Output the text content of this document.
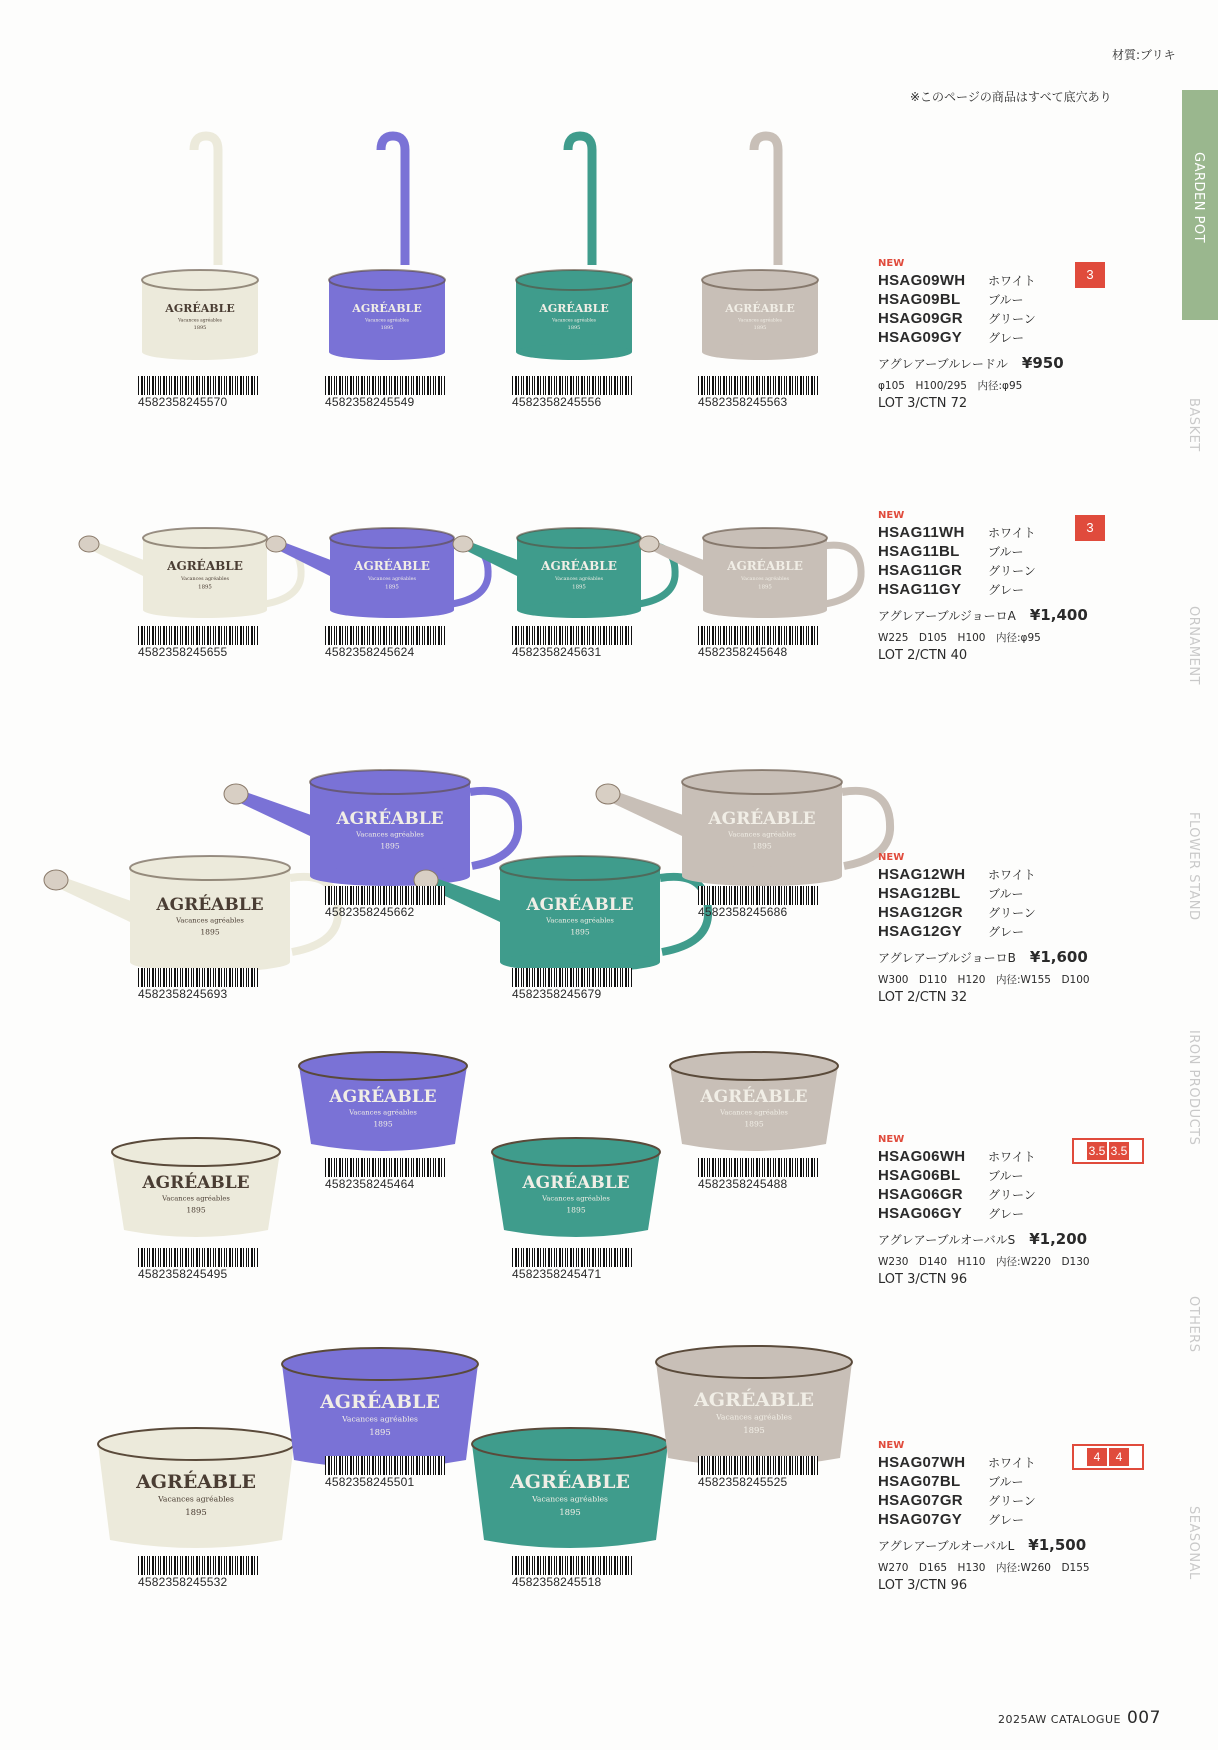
材質:ブリキ
※このページの商品はすべて底穴あり
GARDEN POT
BASKET
ORNAMENT
FLOWER STAND
IRON PRODUCTS
OTHERS
SEASONAL
AGRÉABLE
Vacances agréables
1895
AGRÉABLE
Vacances agréables
1895
AGRÉABLE
Vacances agréables
1895
AGRÉABLE
Vacances agréables
1895
AGRÉABLE
Vacances agréables
1895
AGRÉABLE
Vacances agréables
1895
AGRÉABLE
Vacances agréables
1895
AGRÉABLE
Vacances agréables
1895
AGRÉABLE
Vacances agréables
1895
AGRÉABLE
Vacances agréables
1895
AGRÉABLE
Vacances agréables
1895
AGRÉABLE
Vacances agréables
1895
AGRÉABLE
Vacances agréables
1895
AGRÉABLE
Vacances agréables
1895
AGRÉABLE
Vacances agréables
1895
AGRÉABLE
Vacances agréables
1895
AGRÉABLE
Vacances agréables
1895
AGRÉABLE
Vacances agréables
1895
AGRÉABLE
Vacances agréables
1895
AGRÉABLE
Vacances agréables
1895
4582358245570	4582358245549	4582358245556	4582358245563
4582358245655	4582358245624	4582358245631	4582358245648
4582358245693
4582358245662
4582358245679
4582358245686
4582358245495
4582358245464
4582358245471
4582358245488
4582358245532
4582358245501
4582358245518
4582358245525
NEW
HSAG09WH	ホワイト
HSAG09BL	ブルー
HSAG09GR	グリーン
HSAG09GY	グレー
アグレアーブルレードル ¥950
φ105　H100/295　内径:φ95
LOT 3/CTN 72
3
NEW
HSAG11WH	ホワイト
HSAG11BL	ブルー
HSAG11GR	グリーン
HSAG11GY	グレー
アグレアーブルジョーロA ¥1,400
W225　D105　H100　内径:φ95
LOT 2/CTN 40
3
NEW
HSAG12WH	ホワイト
HSAG12BL	ブルー
HSAG12GR	グリーン
HSAG12GY	グレー
アグレアーブルジョーロB ¥1,600
W300　D110　H120　内径:W155　D100
LOT 2/CTN 32
NEW
HSAG06WH	ホワイト
HSAG06BL	ブルー
HSAG06GR	グリーン
HSAG06GY	グレー
アグレアーブルオーバルS ¥1,200
W230　D140　H110　内径:W220　D130
LOT 3/CTN 96
3.5 3.5
NEW
HSAG07WH	ホワイト
HSAG07BL	ブルー
HSAG07GR	グリーン
HSAG07GY	グレー
アグレアーブルオーバルL ¥1,500
W270　D165　H130　内径:W260　D155
LOT 3/CTN 96
4 4
2025AW CATALOGUE 007
